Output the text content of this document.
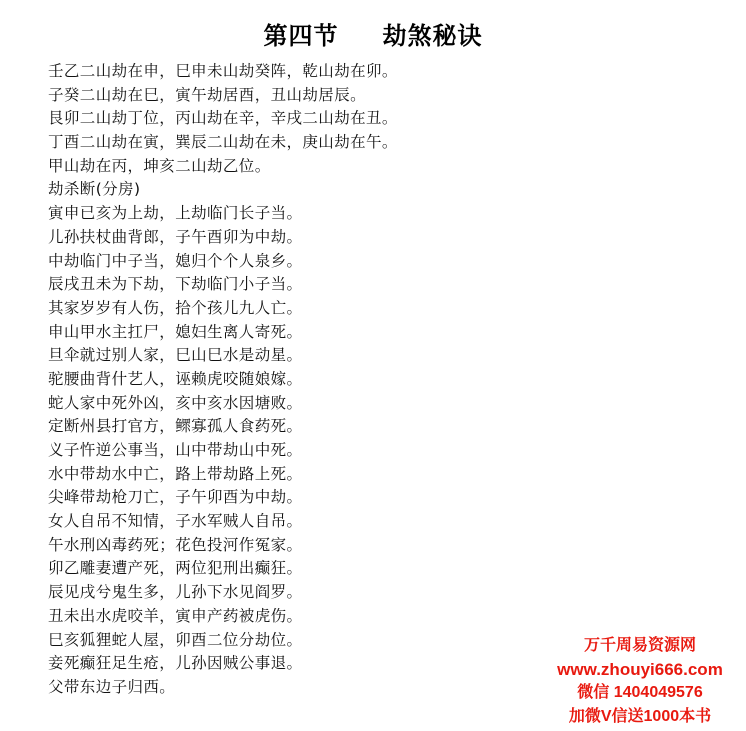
第四节 劫煞秘诀
壬乙二山劫在申，巳申未山劫癸阵，乾山劫在卯。
子癸二山劫在巳，寅午劫居酉，丑山劫居辰。
艮卯二山劫丁位，丙山劫在辛，辛戌二山劫在丑。
丁酉二山劫在寅，巽辰二山劫在未，庚山劫在午。
甲山劫在丙，坤亥二山劫乙位。
劫杀断(分房)
寅申已亥为上劫，上劫临门长子当。
儿孙扶杖曲背郎，子午酉卯为中劫。
中劫临门中子当，媳归个个人泉乡。
辰戌丑未为下劫，下劫临门小子当。
其家岁岁有人伤，拾个孩儿九人亡。
申山甲水主扛尸，媳妇生离人寄死。
旦伞就过别人家，巳山巳水是动星。
驼腰曲背什艺人，诬赖虎咬随娘嫁。
蛇人家中死外凶，亥中亥水因塘败。
定断州县打官方，鳏寡孤人食药死。
义子忤逆公事当，山中带劫山中死。
水中带劫水中亡，路上带劫路上死。
尖峰带劫枪刀亡，子午卯酉为中劫。
女人自吊不知情，子水军贼人自吊。
午水刑凶毒药死；花色投河作冤家。
卯乙雕妻遭产死，两位犯刑出癫狂。
辰见戌兮鬼生多，儿孙下水见阎罗。
丑未出水虎咬羊，寅申产药被虎伤。
巳亥狐狸蛇人屋，卯酉二位分劫位。
妾死癫狂足生疮，儿孙因贼公事退。
父带东边子归西。
万千周易资源网
www.zhouyi666.com
微信 1404049576
加微V信送1000本书
